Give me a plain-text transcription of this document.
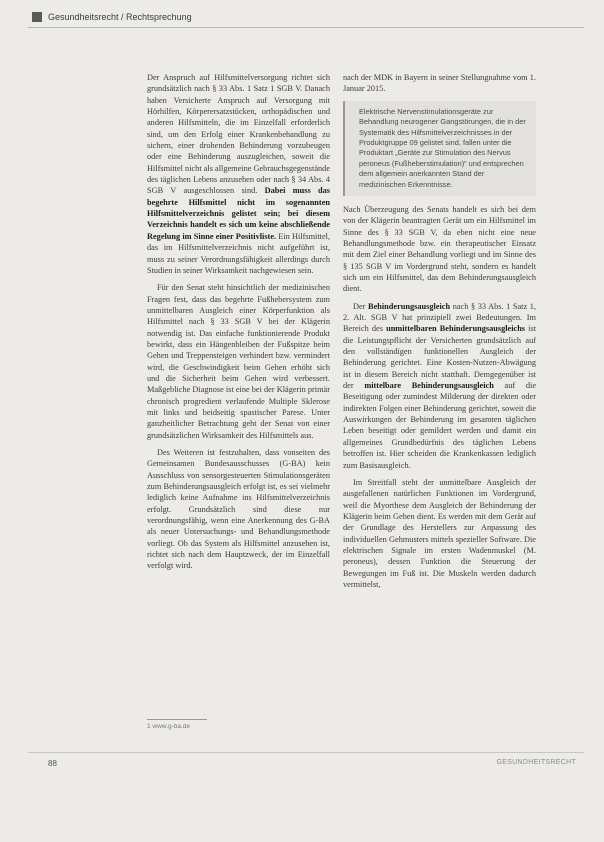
Gesundheitsrecht / Rechtsprechung

Der Anspruch auf Hilfsmittelversorgung richtet sich grundsätzlich nach § 33 Abs. 1 Satz 1 SGB V. Danach haben Versicherte Anspruch auf Versorgung mit Hörhilfen, Körperersatzstücken, orthopädischen und anderen Hilfsmitteln, die im Einzelfall erforderlich sind, um den Erfolg einer Krankenbehandlung zu sichern, einer drohenden Behinderung vorzubeugen oder eine Behinderung auszugleichen, soweit die Hilfsmittel nicht als allgemeine Gebrauchsgegenstände des täglichen Lebens anzusehen oder nach § 34 Abs. 4 SGB V ausgeschlossen sind. Dabei muss das begehrte Hilfsmittel nicht im sogenannten Hilfsmittelverzeichnis gelistet sein; bei diesem Verzeichnis handelt es sich um keine abschließende Regelung im Sinne einer Positivliste. Ein Hilfsmittel, das im Hilfsmittelverzeichnis nicht aufgeführt ist, muss zu seiner Verordnungsfähigkeit allerdings durch Studien in seiner Wirksamkeit nachgewiesen sein.

Für den Senat steht hinsichtlich der medizinischen Fragen fest, dass das begehrte Fußhebersystem zum unmittelbaren Ausgleich einer Körperfunktion als Hilfsmittel nach § 33 SGB V bei der Klägerin notwendig ist. Das einfache funktionierende Produkt bewirkt, dass ein Hängenbleiben der Fußspitze beim Gehen und Treppensteigen verhindert bzw. vermindert wird, die Geschwindigkeit beim Gehen erhöht sich und die Sicherheit beim Gehen wird verbessert. Maßgebliche Diagnose ist eine bei der Klägerin primär chronisch progredient verlaufende Multiple Sklerose mit links und beidseitig spastischer Parese. Unter ganzheitlicher Betrachtung geht der Senat von einer grundsätzlichen Wirksamkeit des Hilfsmittels aus.

Des Weiteren ist festzuhalten, dass vonseiten des Gemeinsamen Bundesausschusses (G-BA) kein Ausschluss von sensorgesteuerten Stimulationsgeräten zum Behinderungsausgleich erfolgt ist, es sei vielmehr lediglich keine Aufnahme ins Hilfsmittelverzeichnis erfolgt. Grundsätzlich sind diese nur verordnungsfähig, wenn eine Anerkennung des G-BA als neuer Untersuchungs- und Behandlungsmethode vorliegt. Ob das System als Hilfsmittel anzusehen ist, richtet sich nach dem Hauptzweck, der im Einzelfall verfolgt wird.

nach der MDK in Bayern in seiner Stellungnahme vom 1. Januar 2015.

Elektrische Nervenstimulationsgeräte zur Behandlung neurogener Gangstörungen, die in der Systematik des Hilfsmittelverzeichnisses in der Produktgruppe 09 gelistet sind, fallen unter die Produktart „Geräte zur Stimulation des Nervus peroneus (Fußheberstimulation)“ und entsprechen dem allgemein anerkannten Stand der medizinischen Erkenntnisse.

Nach Überzeugung des Senats handelt es sich bei dem von der Klägerin beantragten Gerät um ein Hilfsmittel im Sinne des § 33 SGB V, da eben nicht eine neue Behandlungsmethode bzw. ein therapeutischer Einsatz mit dem Ziel einer Behandlung vorliegt und im Sinne des § 135 SGB V im Vordergrund steht, sondern es handelt sich um ein Hilfsmittel, das dem Behinderungsausgleich dient.

Der Behinderungsausgleich nach § 33 Abs. 1 Satz 1, 2. Alt. SGB V hat prinzipiell zwei Bedeutungen. Im Bereich des unmittelbaren Behinderungsausgleichs ist die Leistungspflicht der Versicherten grundsätzlich auf den vollständigen funktionellen Ausgleich der Behinderung gerichtet. Eine Kosten-Nutzen-Abwägung ist in diesem Bereich nicht statthaft. Demgegenüber ist der mittelbare Behinderungsausgleich auf die Beseitigung oder zumindest Milderung der direkten oder indirekten Folgen einer Behinderung gerichtet, soweit die Auswirkungen der Behinderung im gesamten täglichen Leben beseitigt oder gemildert werden und damit ein allgemeines Grundbedürfnis des täglichen Lebens betroffen ist. Hier scheiden die Krankenkassen lediglich zum Basisausgleich.

Im Streitfall steht der unmittelbare Ausgleich der ausgefallenen natürlichen Funktionen im Vordergrund, weil die Myorthese dem Ausgleich der Behinderung der Klägerin beim Gehen dient. Es werden mit dem Gerät auf der Grundlage des Herstellers zur Anpassung des individuellen Gehmusters mittels spezieller Software. Die elektrischen Signale im ersten Wadenmuskel (M. peroneus), dessen Funktion die Steuerung der Bewegungen im Fuß ist. Die Muskeln werden dadurch vermittelst,

1 www.g-ba.de
88	GESUNDHEITSRECHT
